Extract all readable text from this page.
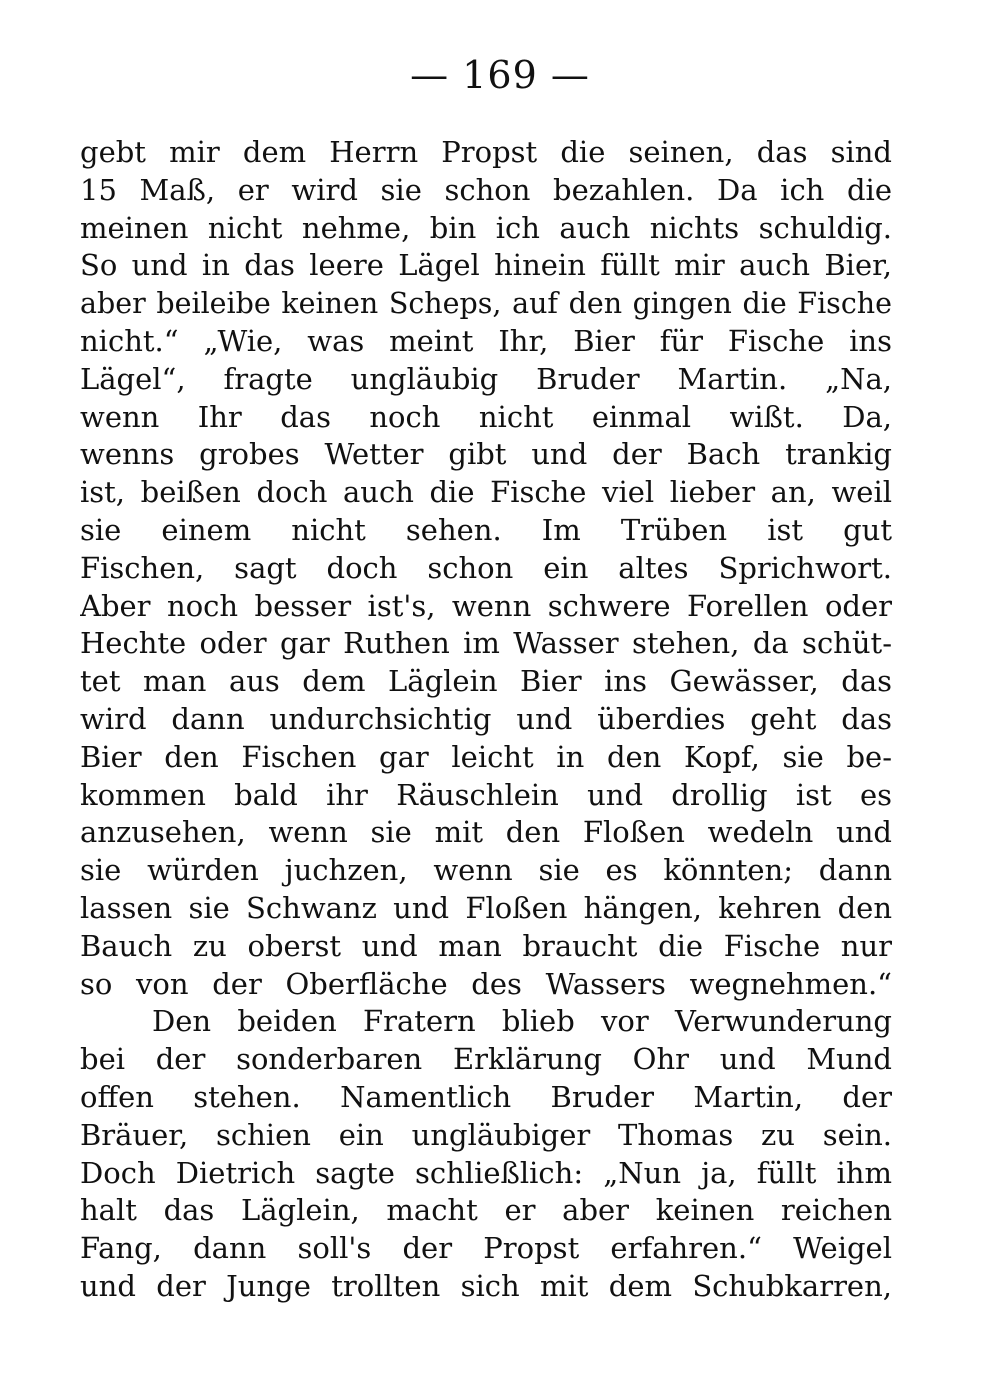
— 169 —
gebt mir dem Herrn Propst die seinen, das sind
15 Maß, er wird sie schon bezahlen. Da ich die
meinen nicht nehme, bin ich auch nichts schuldig.
So und in das leere Lägel hinein füllt mir auch Bier,
aber beileibe keinen Scheps, auf den gingen die Fische
nicht.“ „Wie, was meint Ihr, Bier für Fische ins
Lägel“, fragte ungläubig Bruder Martin. „Na,
wenn Ihr das noch nicht einmal wißt. Da,
wenns grobes Wetter gibt und der Bach trankig
ist, beißen doch auch die Fische viel lieber an, weil
sie einem nicht sehen. Im Trüben ist gut
Fischen, sagt doch schon ein altes Sprichwort.
Aber noch besser ist's, wenn schwere Forellen oder
Hechte oder gar Ruthen im Wasser stehen, da schüt-
tet man aus dem Läglein Bier ins Gewässer, das
wird dann undurchsichtig und überdies geht das
Bier den Fischen gar leicht in den Kopf, sie be-
kommen bald ihr Räuschlein und drollig ist es
anzusehen, wenn sie mit den Floßen wedeln und
sie würden juchzen, wenn sie es könnten; dann
lassen sie Schwanz und Floßen hängen, kehren den
Bauch zu oberst und man braucht die Fische nur
so von der Oberfläche des Wassers wegnehmen.“
Den beiden Fratern blieb vor Verwunderung
bei der sonderbaren Erklärung Ohr und Mund
offen stehen. Namentlich Bruder Martin, der
Bräuer, schien ein ungläubiger Thomas zu sein.
Doch Dietrich sagte schließlich: „Nun ja, füllt ihm
halt das Läglein, macht er aber keinen reichen
Fang, dann soll's der Propst erfahren.“ Weigel
und der Junge trollten sich mit dem Schubkarren,
